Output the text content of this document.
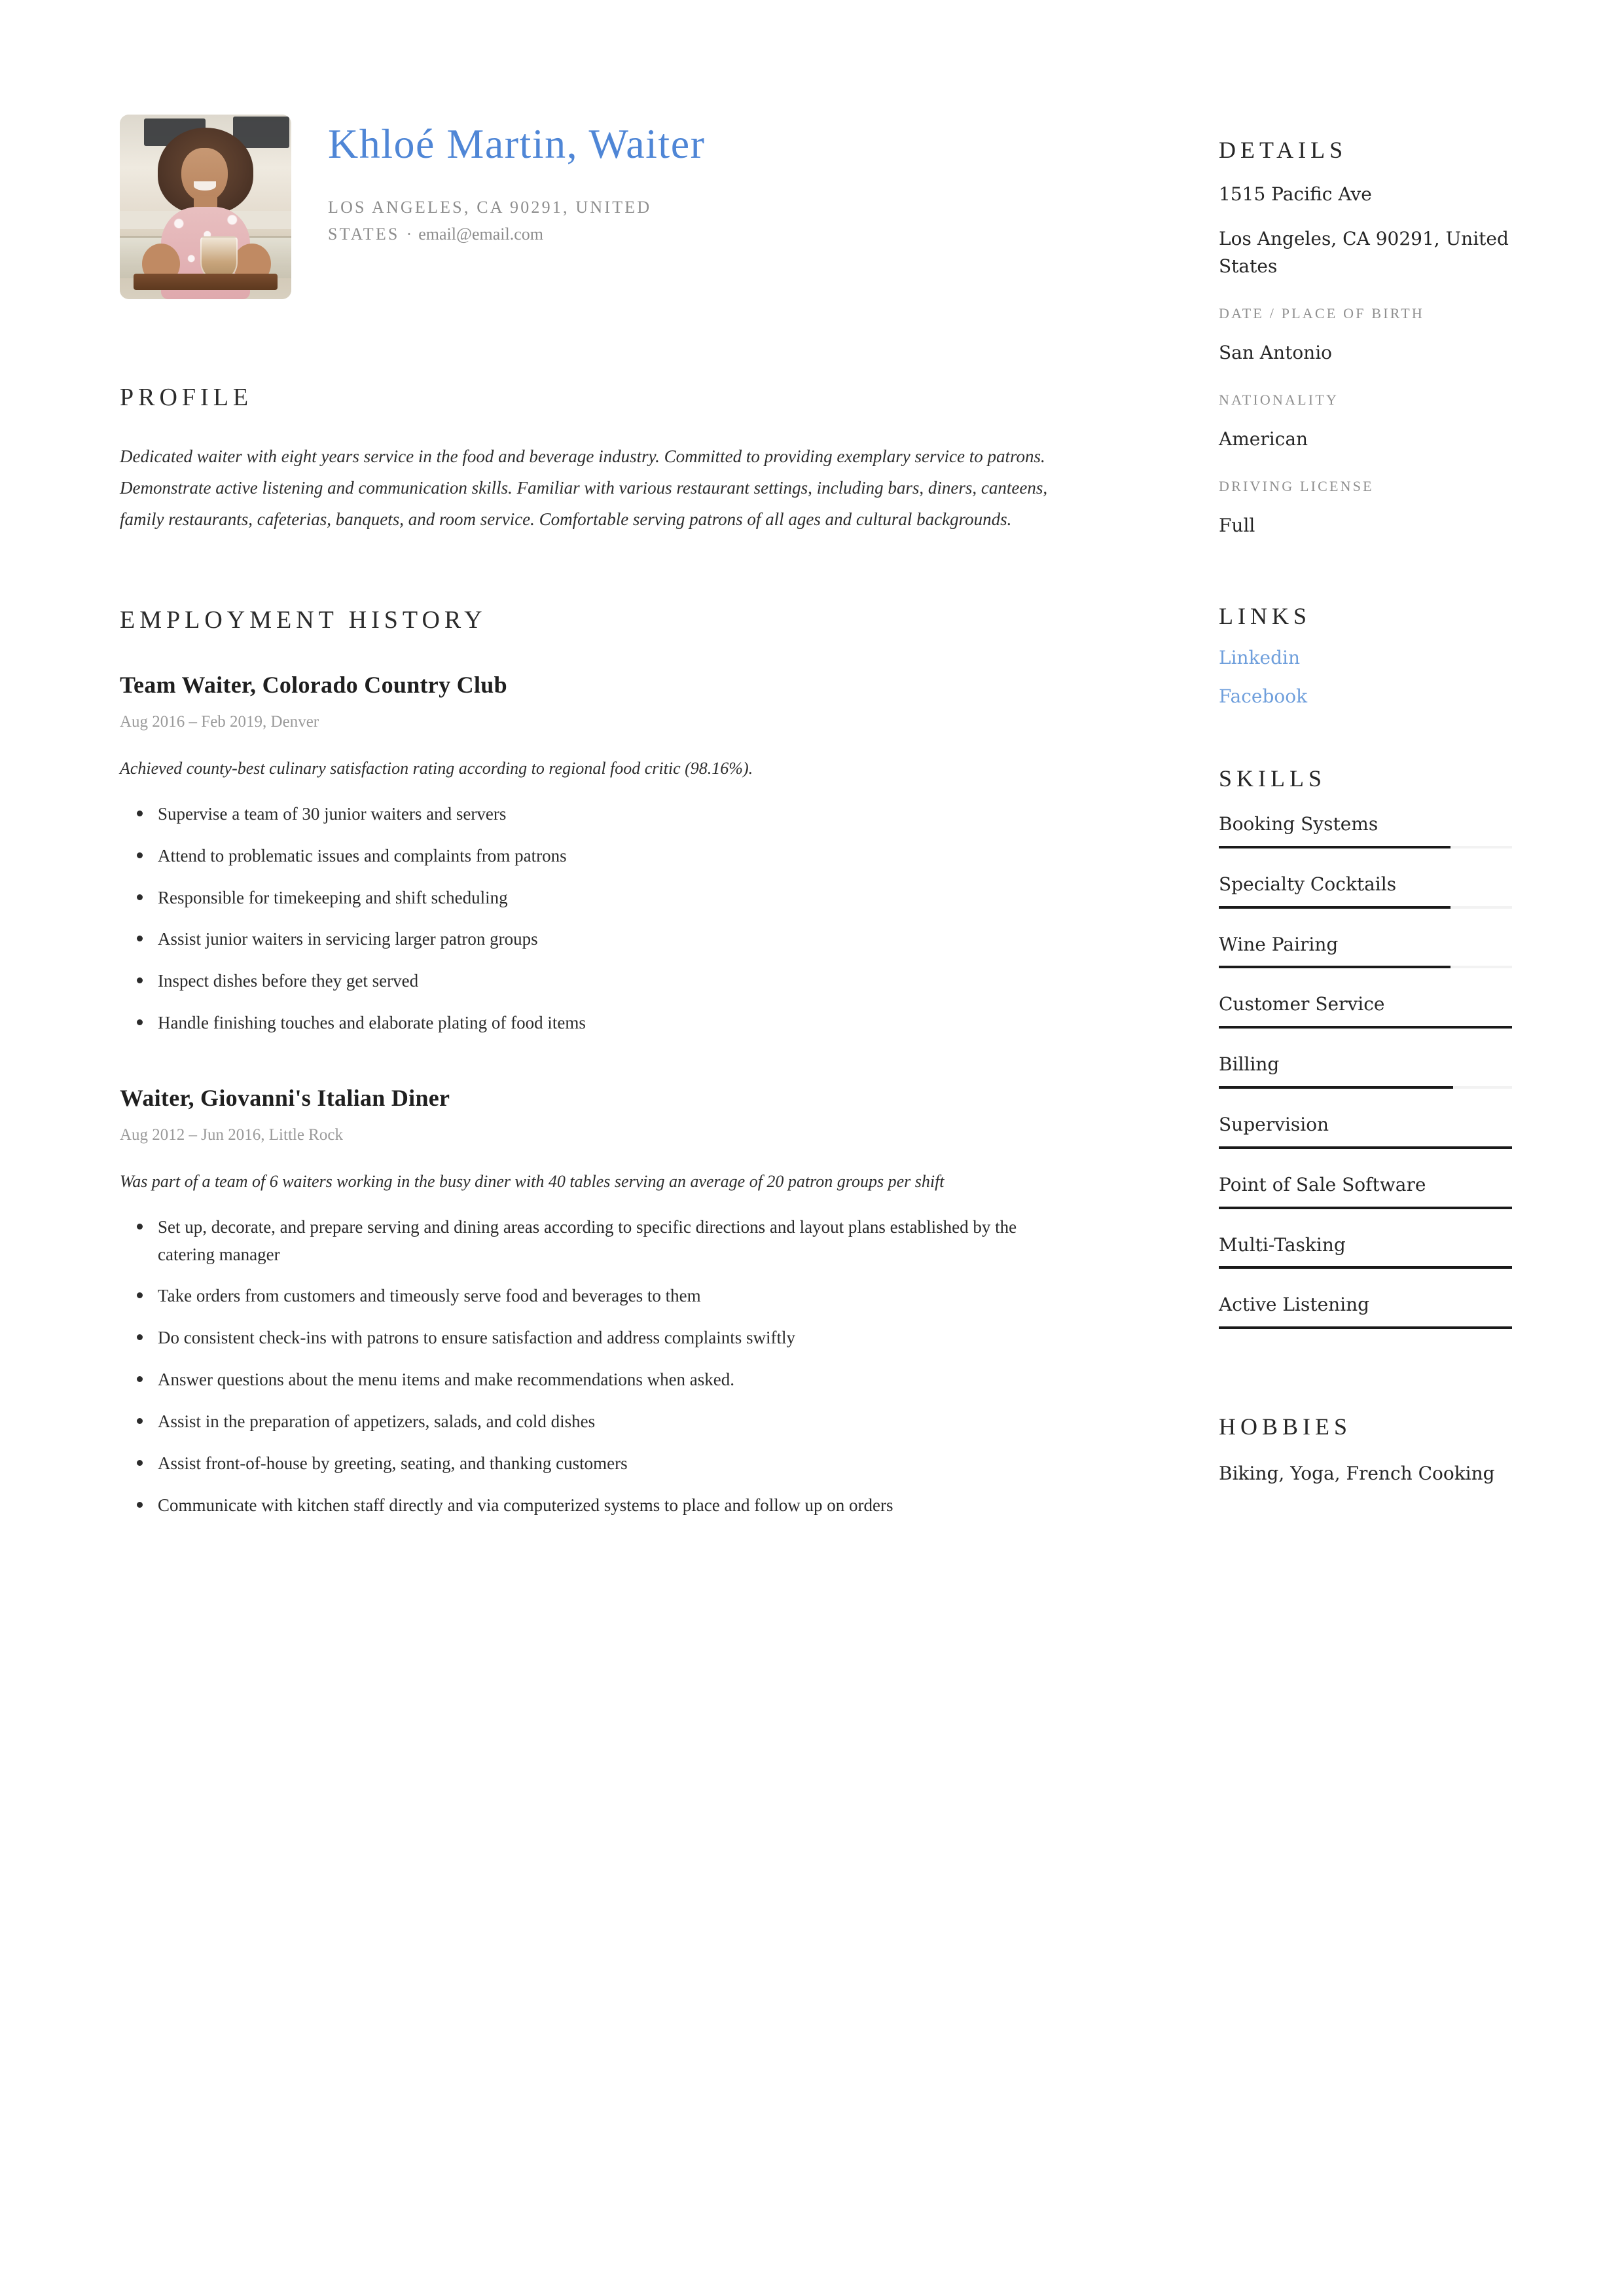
Khloé Martin, Waiter
LOS ANGELES, CA 90291, UNITED STATES · email@email.com
PROFILE

Dedicated waiter with eight years service in the food and beverage industry. Committed to providing exemplary service to patrons. Demonstrate active listening and communication skills. Familiar with various restaurant settings, including bars, diners, canteens, family restaurants, cafeterias, banquets, and room service. Comfortable serving patrons of all ages and cultural backgrounds.

EMPLOYMENT HISTORY
Team Waiter, Colorado Country Club
Aug 2016 – Feb 2019, Denver

Achieved county-best culinary satisfaction rating according to regional food critic (98.16%).

Supervise a team of 30 junior waiters and servers
Attend to problematic issues and complaints from patrons
Responsible for timekeeping and shift scheduling
Assist junior waiters in servicing larger patron groups
Inspect dishes before they get served
Handle finishing touches and elaborate plating of food items
Waiter, Giovanni's Italian Diner
Aug 2012 – Jun 2016, Little Rock

Was part of a team of 6 waiters working in the busy diner with 40 tables serving an average of 20 patron groups per shift

Set up, decorate, and prepare serving and dining areas according to specific directions and layout plans established by the catering manager
Take orders from customers and timeously serve food and beverages to them
Do consistent check-ins with patrons to ensure satisfaction and address complaints swiftly
Answer questions about the menu items and make recommendations when asked.
Assist in the preparation of appetizers, salads, and cold dishes
Assist front-of-house by greeting, seating, and thanking customers
Communicate with kitchen staff directly and via computerized systems to place and follow up on orders
DETAILS
1515 Pacific Ave
Los Angeles, CA 90291, United States
DATE / PLACE OF BIRTH
San Antonio
NATIONALITY
American
DRIVING LICENSE
Full
LINKS
Linkedin
Facebook
SKILLS
Booking Systems
Specialty Cocktails
Wine Pairing
Customer Service
Billing
Supervision
Point of Sale Software
Multi-Tasking
Active Listening
HOBBIES
Biking, Yoga, French Cooking
